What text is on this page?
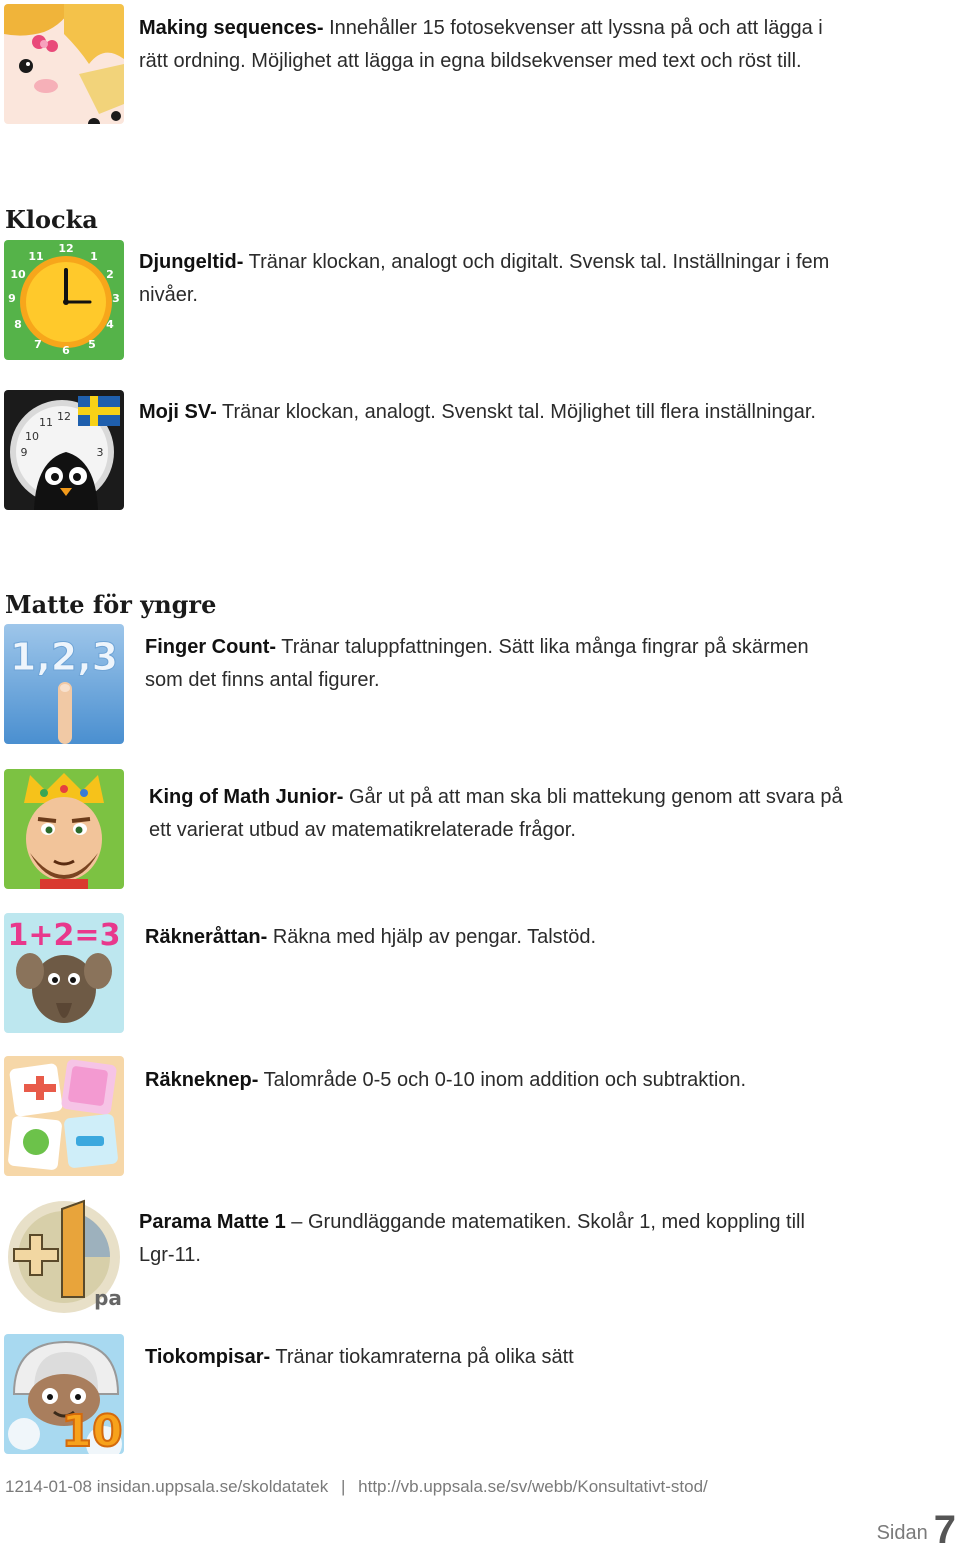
Making sequences- Innehåller 15 fotosekvenser att lyssna på och att lägga i rätt ordning. Möjlighet att lägga in egna bildsekvenser med text och röst till.

Klocka
12
1
2
3
4
5
6
7
8
9
10
11	Djungeltid- Tränar klockan, analogt och digitalt. Svensk tal. Inställningar i fem nivåer.

10
11 12
3
9

Moji SV- Tränar klockan, analogt. Svenskt tal. Möjlighet till flera inställningar.

Matte för yngre
1,2,3 Finger Count- Tränar taluppfattningen. Sätt lika många fingrar på skärmen som det finns antal figurer.

King of Math Junior- Går ut på att man ska bli mattekung genom att svara på ett varierat utbud av matematikrelaterade frågor.

1+2=3 Räkneråttan- Räkna med hjälp av pengar. Talstöd.

Räkneknep- Talområde 0-5 och 0-10 inom addition och subtraktion.

pa

Parama Matte 1 – Grundläggande matematiken. Skolår 1, med koppling till Lgr-11.

10

Tiokompisar- Tränar tiokamraterna på olika sätt

1214-01-08 insidan.uppsala.se/skoldatatek | http://vb.uppsala.se/sv/webb/Konsultativt-stod/
Sidan 7
